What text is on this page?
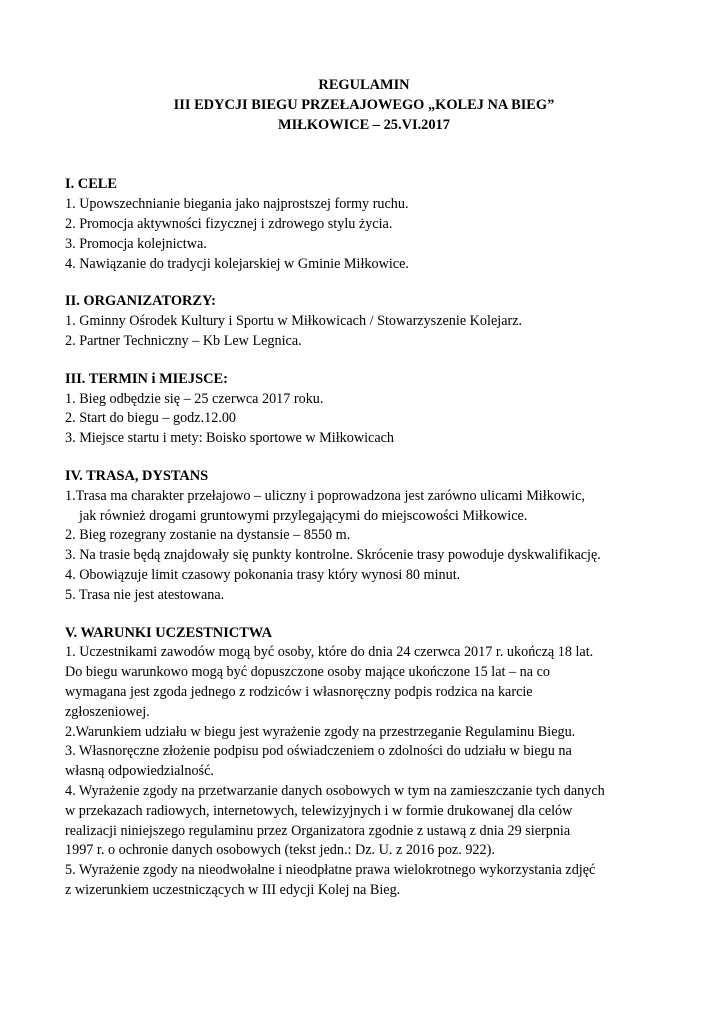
REGULAMIN
III EDYCJI BIEGU PRZEŁAJOWEGO „KOLEJ NA BIEG”
MIŁKOWICE – 25.VI.2017
I. CELE
1. Upowszechnianie biegania jako najprostszej formy ruchu.
2. Promocja aktywności fizycznej i zdrowego stylu życia.
3. Promocja kolejnictwa.
4. Nawiązanie do tradycji kolejarskiej w Gminie Miłkowice.
II. ORGANIZATORZY:
1. Gminny Ośrodek Kultury i Sportu w Miłkowicach / Stowarzyszenie Kolejarz.
2. Partner Techniczny – Kb Lew Legnica.
III. TERMIN i MIEJSCE:
1. Bieg odbędzie się – 25 czerwca 2017 roku.
2. Start do biegu – godz.12.00
3. Miejsce startu i mety: Boisko sportowe w Miłkowicach
IV. TRASA, DYSTANS
1.Trasa ma charakter przełajowo – uliczny i poprowadzona jest zarówno ulicami Miłkowic,
jak również drogami gruntowymi przylegającymi do miejscowości Miłkowice.
2. Bieg rozegrany zostanie na dystansie – 8550 m.
3. Na trasie będą znajdowały się punkty kontrolne. Skrócenie trasy powoduje dyskwalifikację.
4. Obowiązuje limit czasowy pokonania trasy który wynosi 80 minut.
5. Trasa nie jest atestowana.
V. WARUNKI UCZESTNICTWA
1. Uczestnikami zawodów mogą być osoby, które do dnia 24 czerwca 2017 r. ukończą 18 lat.
Do biegu warunkowo mogą być dopuszczone osoby mające ukończone 15 lat – na co
wymagana jest zgoda jednego z rodziców i własnoręczny podpis rodzica na karcie
zgłoszeniowej.
2.Warunkiem udziału w biegu jest wyrażenie zgody na przestrzeganie Regulaminu Biegu.
3. Własnoręczne złożenie podpisu pod oświadczeniem o zdolności do udziału w biegu na
własną odpowiedzialność.
4. Wyrażenie zgody na przetwarzanie danych osobowych w tym na zamieszczanie tych danych
w przekazach radiowych, internetowych, telewizyjnych i w formie drukowanej dla celów
realizacji niniejszego regulaminu przez Organizatora zgodnie z ustawą z dnia 29 sierpnia
1997 r. o ochronie danych osobowych (tekst jedn.: Dz. U. z 2016 poz. 922).
5. Wyrażenie zgody na nieodwołalne i nieodpłatne prawa wielokrotnego wykorzystania zdjęć
z wizerunkiem uczestniczących w III edycji Kolej na Bieg.
